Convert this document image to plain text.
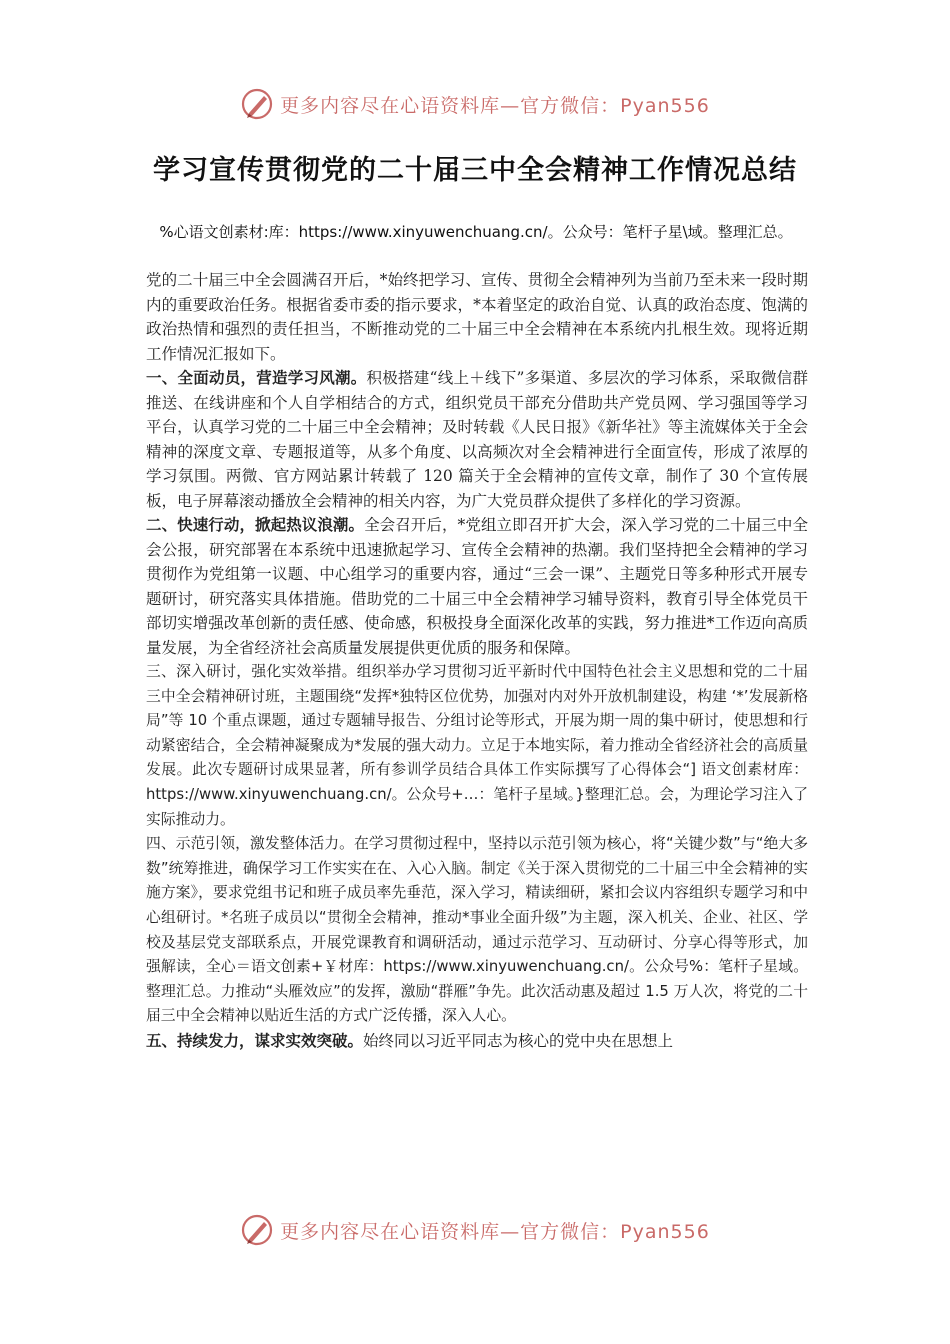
更多内容尽在心语资料库—官方微信：Pyan556
学习宣传贯彻党的二十届三中全会精神工作情况总结
%心语文创素材:库：https://www.xinyuwenchuang.cn/。公众号：笔杆子星\域。整理汇总。

党的二十届三中全会圆满召开后，*始终把学习、宣传、贯彻全会精神列为当前乃至未来一段时期内的重要政治任务。根据省委市委的指示要求，*本着坚定的政治自觉、认真的政治态度、饱满的政治热情和强烈的责任担当，不断推动党的二十届三中全会精神在本系统内扎根生效。现将近期工作情况汇报如下。

一、全面动员，营造学习风潮。积极搭建“线上＋线下”多渠道、多层次的学习体系，采取微信群推送、在线讲座和个人自学相结合的方式，组织党员干部充分借助共产党员网、学习强国等学习平台，认真学习党的二十届三中全会精神；及时转载《人民日报》《新华社》等主流媒体关于全会精神的深度文章、专题报道等，从多个角度、以高频次对全会精神进行全面宣传，形成了浓厚的学习氛围。两微、官方网站累计转载了 120 篇关于全会精神的宣传文章，制作了 30 个宣传展板，电子屏幕滚动播放全会精神的相关内容，为广大党员群众提供了多样化的学习资源。

二、快速行动，掀起热议浪潮。全会召开后，*党组立即召开扩大会，深入学习党的二十届三中全会公报，研究部署在本系统中迅速掀起学习、宣传全会精神的热潮。我们坚持把全会精神的学习贯彻作为党组第一议题、中心组学习的重要内容，通过“三会一课”、主题党日等多种形式开展专题研讨，研究落实具体措施。借助党的二十届三中全会精神学习辅导资料，教育引导全体党员干部切实增强改革创新的责任感、使命感，积极投身全面深化改革的实践，努力推进*工作迈向高质量发展，为全省经济社会高质量发展提供更优质的服务和保障。

三、深入研讨，强化实效举措。组织举办学习贯彻习近平新时代中国特色社会主义思想和党的二十届三中全会精神研讨班，主题围绕“发挥*独特区位优势，加强对内对外开放机制建设，构建 ‘*’发展新格局”等 10 个重点课题，通过专题辅导报告、分组讨论等形式，开展为期一周的集中研讨，使思想和行动紧密结合，全会精神凝聚成为*发展的强大动力。立足于本地实际，着力推动全省经济社会的高质量发展。此次专题研讨成果显著，所有参训学员结合具体工作实际撰写了心得体会“] 语文创素材库：https://www.xinyuwenchuang.cn/。公众号+…：笔杆子星域。}整理汇总。会，为理论学习注入了实际推动力。

四、示范引领，激发整体活力。在学习贯彻过程中，坚持以示范引领为核心，将“关键少数”与“绝大多数”统筹推进，确保学习工作实实在在、入心入脑。制定《关于深入贯彻党的二十届三中全会精神的实施方案》，要求党组书记和班子成员率先垂范，深入学习，精读细研，紧扣会议内容组织专题学习和中心组研讨。*名班子成员以“贯彻全会精神，推动*事业全面升级”为主题，深入机关、企业、社区、学校及基层党支部联系点，开展党课教育和调研活动，通过示范学习、互动研讨、分享心得等形式，加强解读，全心＝语文创素+￥材库：https://www.xinyuwenchuang.cn/。公众号%：笔杆子星域。整理汇总。力推动“头雁效应”的发挥，激励“群雁”争先。此次活动惠及超过 1.5 万人次，将党的二十届三中全会精神以贴近生活的方式广泛传播，深入人心。

五、持续发力，谋求实效突破。始终同以习近平同志为核心的党中央在思想上

更多内容尽在心语资料库—官方微信：Pyan556
